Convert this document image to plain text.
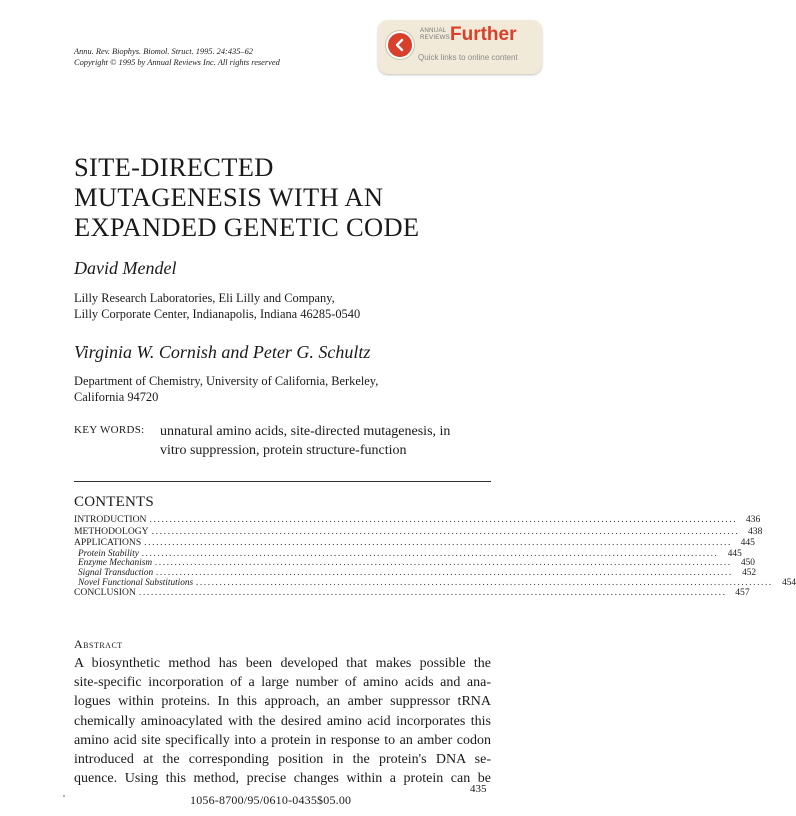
Annu. Rev. Biophys. Biomol. Struct. 1995. 24:435–62
Copyright © 1995 by Annual Reviews Inc. All rights reserved
ANNUAL
REVIEWS Further
Quick links to online content
SITE-DIRECTED
MUTAGENESIS WITH AN
EXPANDED GENETIC CODE
David Mendel
Lilly Research Laboratories, Eli Lilly and Company,
Lilly Corporate Center, Indianapolis, Indiana 46285-0540
Virginia W. Cornish and Peter G. Schultz
Department of Chemistry, University of California, Berkeley,
California 94720
KEY WORDS: unnatural amino acids, site-directed mutagenesis, in
vitro suppression, protein structure-function
CONTENTS
INTRODUCTION ................................................................................................................................................... 436
METHODOLOGY ................................................................................................................................................... 438
APPLICATIONS ................................................................................................................................................... 445
Protein Stability ................................................................................................................................................... 445
Enzyme Mechanism ................................................................................................................................................... 450
Signal Transduction ................................................................................................................................................... 452
Novel Functional Substitutions ................................................................................................................................................... 454
CONCLUSION ................................................................................................................................................... 457
Abstract
A biosynthetic method has been developed that makes possible the
site-specific incorporation of a large number of amino acids and ana-
logues within proteins. In this approach, an amber suppressor tRNA
chemically aminoacylated with the desired amino acid incorporates this
amino acid site specifically into a protein in response to an amber codon
introduced at the corresponding position in the protein's DNA se-
quence. Using this method, precise changes within a protein can be
435
1056-8700/95/0610-0435$05.00
